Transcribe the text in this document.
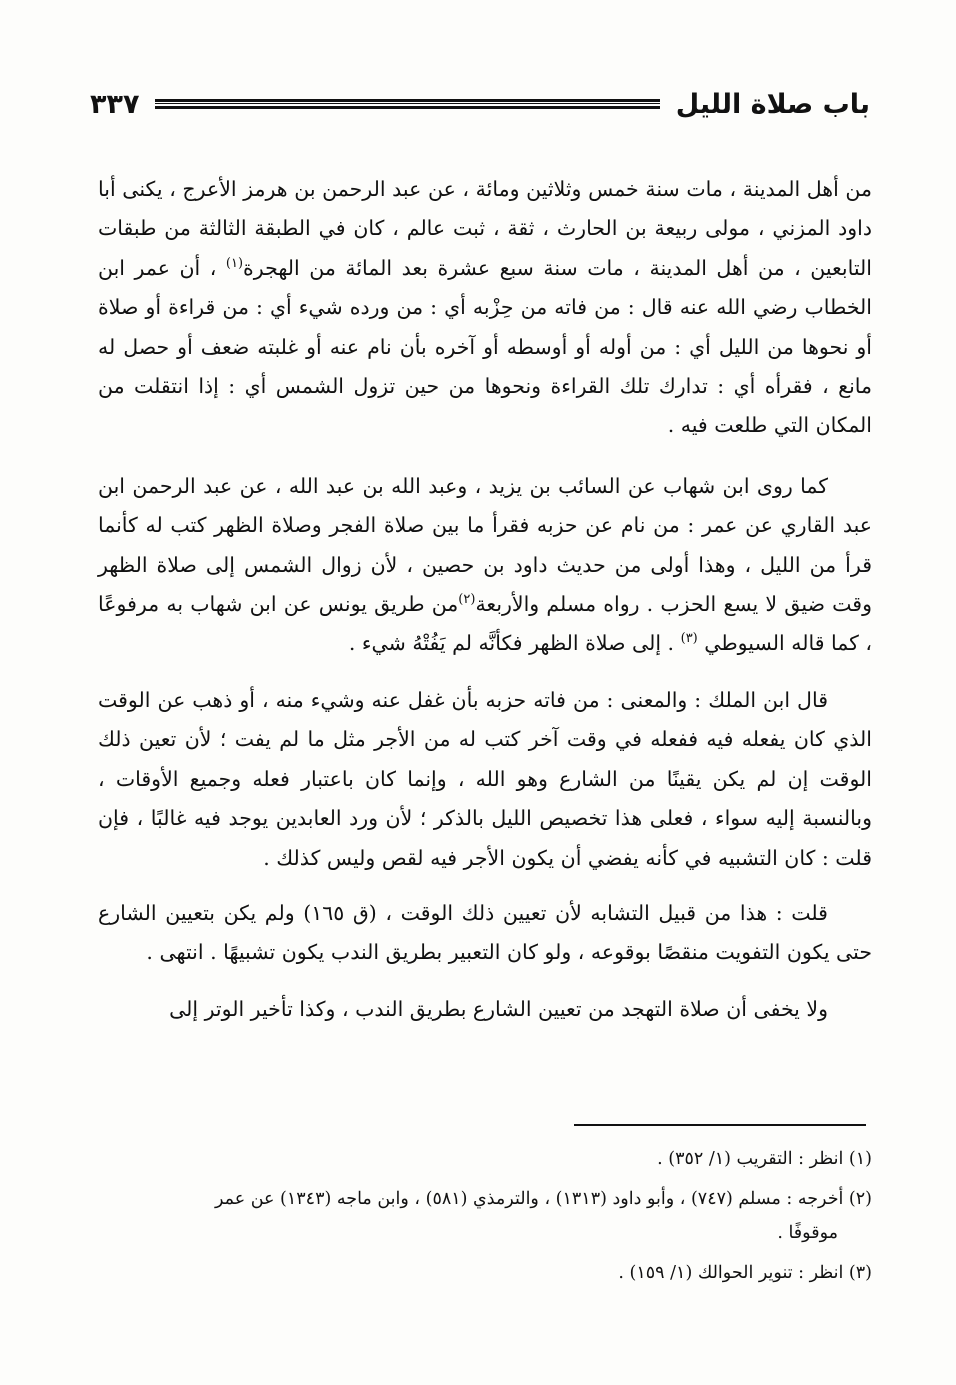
باب صلاة الليل
٣٣٧

من أهل المدينة ، مات سنة خمس وثلاثين ومائة ، عن عبد الرحمن بن هرمز الأعرج ، يكنى أبا داود المزني ، مولى ربيعة بن الحارث ، ثقة ، ثبت عالم ، كان في الطبقة الثالثة من طبقات التابعين ، من أهل المدينة ، مات سنة سبع عشرة بعد المائة من الهجرة$^{(١)}$ ، أن عمر ابن الخطاب رضي الله عنه قال : من فاته من حِزْبه أي : من ورده شيء أي : من قراءة أو صلاة أو نحوها من الليل أي : من أوله أو أوسطه أو آخره بأن نام عنه أو غلبته ضعف أو حصل له مانع ، فقرأه أي : تدارك تلك القراءة ونحوها من حين تزول الشمس أي : إذا انتقلت من المكان التي طلعت فيه .

كما روى ابن شهاب عن السائب بن يزيد ، وعبد الله بن عبد الله ، عن عبد الرحمن ابن عبد القاري عن عمر : من نام عن حزبه فقرأ ما بين صلاة الفجر وصلاة الظهر كتب له كأنما قرأ من الليل ، وهذا أولى من حديث داود بن حصين ، لأن زوال الشمس إلى صلاة الظهر وقت ضيق لا يسع الحزب . رواه مسلم والأربعة$^{(٢)}$من طريق يونس عن ابن شهاب به مرفوعًا ، كما قاله السيوطي $^{(٣)}$ . إلى صلاة الظهر فكأنَّه لم يَفُتْهُ شيء .

قال ابن الملك : والمعنى : من فاته حزبه بأن غفل عنه وشيء منه ، أو ذهب عن الوقت الذي كان يفعله فيه ففعله في وقت آخر كتب له من الأجر مثل ما لم يفت ؛ لأن تعين ذلك الوقت إن لم يكن يقينًا من الشارع وهو الله ، وإنما كان باعتبار فعله وجميع الأوقات ، وبالنسبة إليه سواء ، فعلى هذا تخصيص الليل بالذكر ؛ لأن ورد العابدين يوجد فيه غالبًا ، فإن قلت : كان التشبيه في كأنه يفضي أن يكون الأجر فيه لقص وليس كذلك .

قلت : هذا من قبيل التشابه لأن تعيين ذلك الوقت ، (ق ١٦٥) ولم يكن بتعيين الشارع حتى يكون التفويت منقصًا بوقوعه ، ولو كان التعبير بطريق الندب يكون تشبيهًا . انتهى .

ولا يخفى أن صلاة التهجد من تعيين الشارع بطريق الندب ، وكذا تأخير الوتر إلى

(١) انظر : التقريب (١/ ٣٥٢) .

(٢) أخرجه : مسلم (٧٤٧) ، وأبو داود (١٣١٣) ، والترمذي (٥٨١) ، وابن ماجه (١٣٤٣) عن عمر

موقوفًا .

(٣) انظر : تنوير الحوالك (١/ ١٥٩) .
